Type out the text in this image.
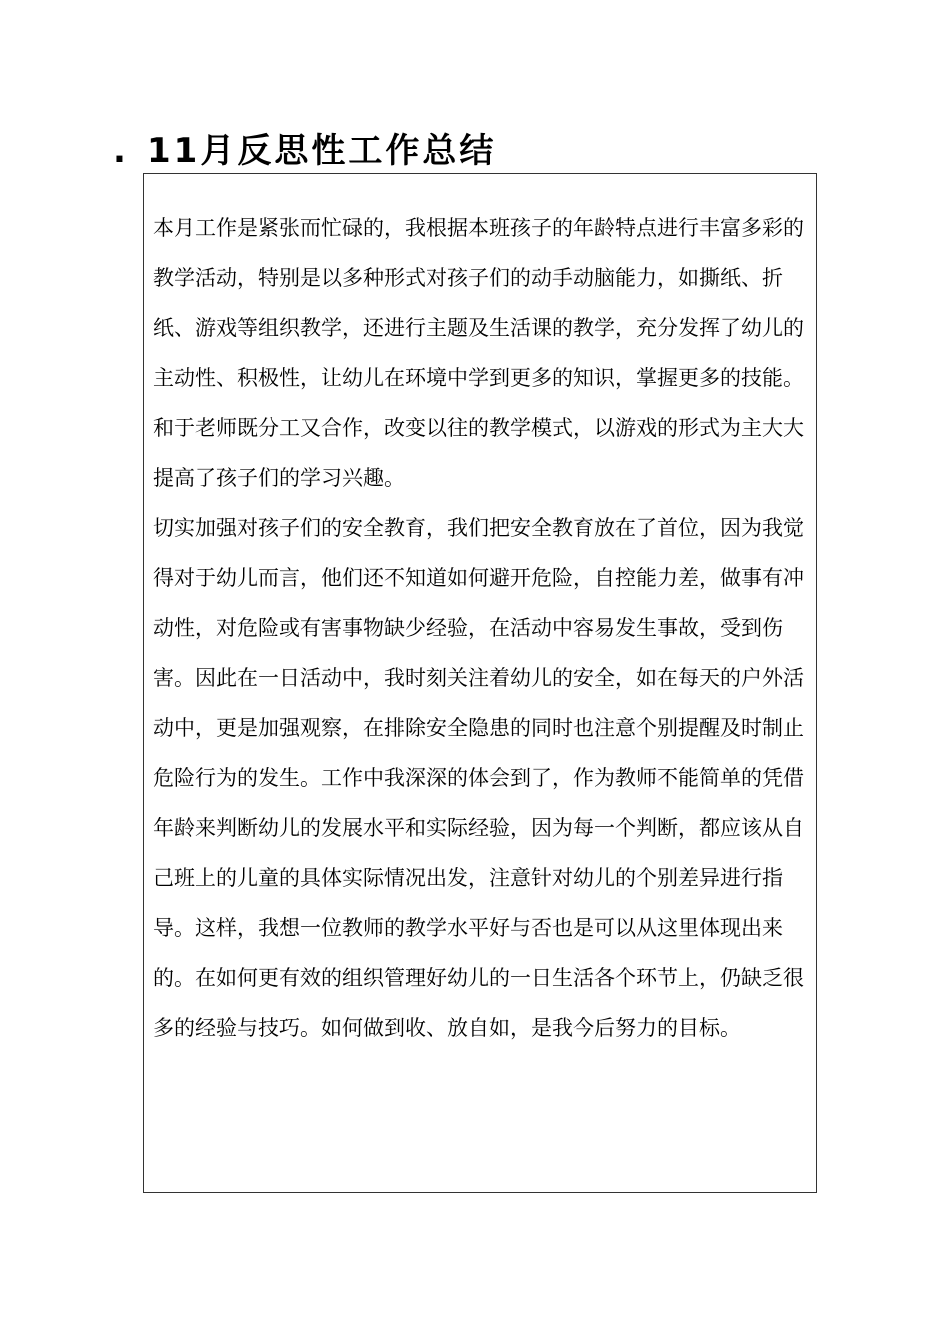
. 11月反思性工作总结

本月工作是紧张而忙碌的，我根据本班孩子的年龄特点进行丰富多彩的教学活动，特别是以多种形式对孩子们的动手动脑能力，如撕纸、折纸、游戏等组织教学，还进行主题及生活课的教学，充分发挥了幼儿的主动性、积极性，让幼儿在环境中学到更多的知识，掌握更多的技能。和于老师既分工又合作，改变以往的教学模式，以游戏的形式为主大大提高了孩子们的学习兴趣。

切实加强对孩子们的安全教育，我们把安全教育放在了首位，因为我觉得对于幼儿而言，他们还不知道如何避开危险，自控能力差，做事有冲动性，对危险或有害事物缺少经验，在活动中容易发生事故，受到伤害。因此在一日活动中，我时刻关注着幼儿的安全，如在每天的户外活动中，更是加强观察，在排除安全隐患的同时也注意个别提醒及时制止危险行为的发生。工作中我深深的体会到了，作为教师不能简单的凭借年龄来判断幼儿的发展水平和实际经验，因为每一个判断，都应该从自己班上的儿童的具体实际情况出发，注意针对幼儿的个别差异进行指导。这样，我想一位教师的教学水平好与否也是可以从这里体现出来的。在如何更有效的组织管理好幼儿的一日生活各个环节上，仍缺乏很多的经验与技巧。如何做到收、放自如，是我今后努力的目标。
